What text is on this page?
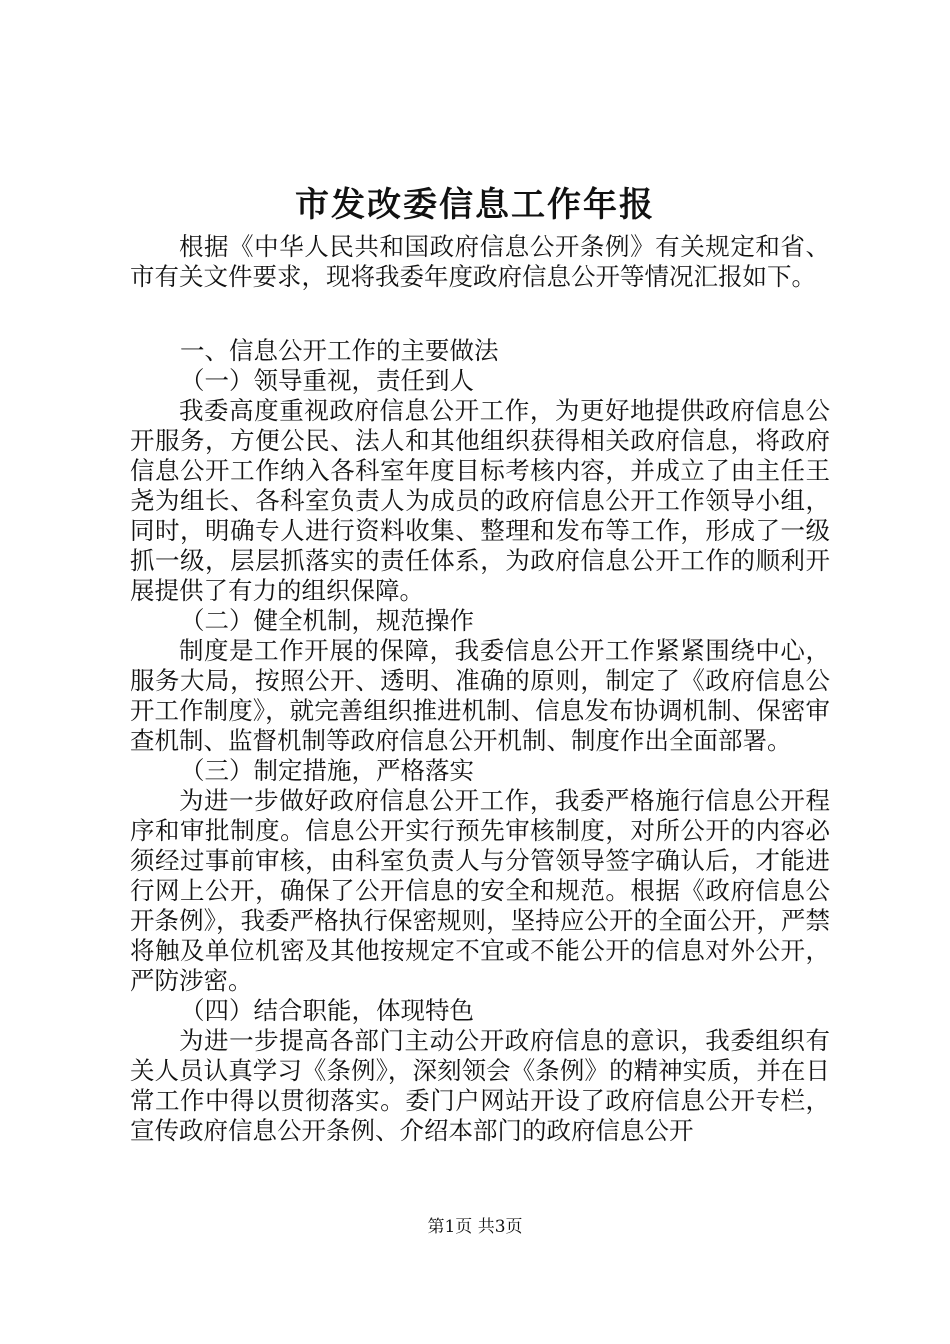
市发改委信息工作年报

根据《中华人民共和国政府信息公开条例》有关规定和省、市有关文件要求，现将我委年度政府信息公开等情况汇报如下。

一、信息公开工作的主要做法

（一）领导重视，责任到人

我委高度重视政府信息公开工作，为更好地提供政府信息公开服务，方便公民、法人和其他组织获得相关政府信息，将政府信息公开工作纳入各科室年度目标考核内容，并成立了由主任王尧为组长、各科室负责人为成员的政府信息公开工作领导小组，同时，明确专人进行资料收集、整理和发布等工作，形成了一级抓一级，层层抓落实的责任体系，为政府信息公开工作的顺利开展提供了有力的组织保障。

（二）健全机制，规范操作

制度是工作开展的保障，我委信息公开工作紧紧围绕中心，服务大局，按照公开、透明、准确的原则，制定了《政府信息公开工作制度》，就完善组织推进机制、信息发布协调机制、保密审查机制、监督机制等政府信息公开机制、制度作出全面部署。

（三）制定措施，严格落实

为进一步做好政府信息公开工作，我委严格施行信息公开程序和审批制度。信息公开实行预先审核制度，对所公开的内容必须经过事前审核，由科室负责人与分管领导签字确认后，才能进行网上公开，确保了公开信息的安全和规范。根据《政府信息公开条例》，我委严格执行保密规则，坚持应公开的全面公开，严禁将触及单位机密及其他按规定不宜或不能公开的信息对外公开，严防涉密。

（四）结合职能，体现特色

为进一步提高各部门主动公开政府信息的意识，我委组织有关人员认真学习《条例》，深刻领会《条例》的精神实质，并在日常工作中得以贯彻落实。委门户网站开设了政府信息公开专栏，宣传政府信息公开条例、介绍本部门的政府信息公开

第1页 共3页
